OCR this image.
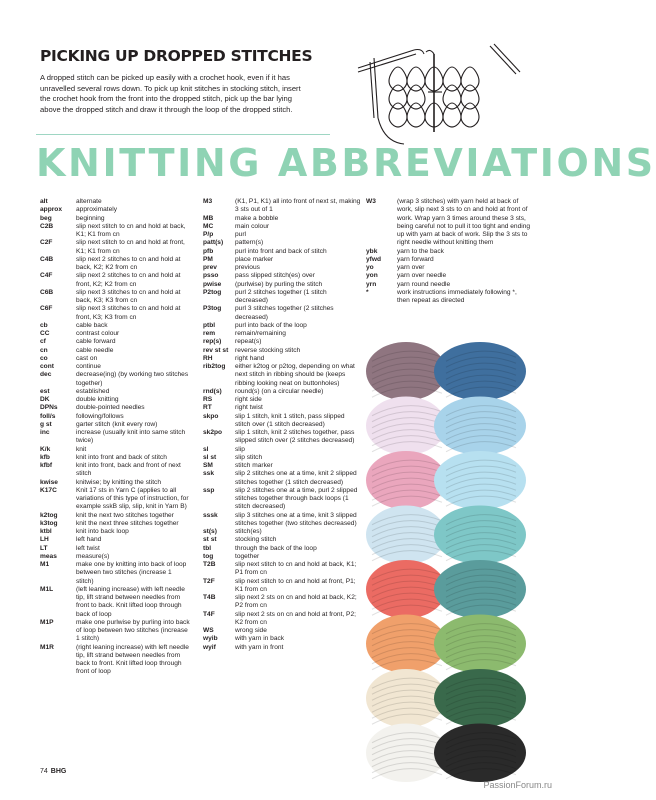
PICKING UP DROPPED STITCHES

A dropped stitch can be picked up easily with a crochet hook, even if it has unravelled several rows down. To pick up knit stitches in stocking stitch, insert the crochet hook from the front into the dropped stitch, pick up the bar lying above the dropped stitch and draw it through the loop of the dropped stitch.

KNITTING ABBREVIATIONS
alt	alternate
approx	approximately
beg	beginning
C2B	slip next stitch to cn and hold at back, K1; K1 from cn
C2F	slip next stitch to cn and hold at front, K1; K1 from cn
C4B	slip next 2 stitches to cn and hold at back, K2; K2 from cn
C4F	slip next 2 stitches to cn and hold at front, K2; K2 from cn
C6B	slip next 3 stitches to cn and hold at back, K3; K3 from cn
C6F	slip next 3 stitches to cn and hold at front, K3; K3 from cn
cb	cable back
CC	contrast colour
cf	cable forward
cn	cable needle
co	cast on
cont	continue
dec	decrease(ing) (by working two stitches together)
est	established
DK	double knitting
DPNs	double-pointed needles
foll/s	following/follows
g st	garter stitch (knit every row)
inc	increase (usually knit into same stitch twice)
K/k	knit
kfb	knit into front and back of stitch
kfbf	knit into front, back and front of next stitch
kwise	knitwise; by knitting the stitch
K17C	Knit 17 sts in Yarn C (applies to all variations of this type of instruction, for example sskB slip, slip, knit in Yarn B)
k2tog	knit the next two stitches together
k3tog	knit the next three stitches together
ktbl	knit into back loop
LH	left hand
LT	left twist
meas	measure(s)
M1	make one by knitting into back of loop between two stitches (increase 1 stitch)
M1L	(left leaning increase) with left needle tip, lift strand between needles from front to back. Knit lifted loop through back of loop
M1P	make one purlwise by purling into back of loop between two stitches (increase 1 stitch)
M1R	(right leaning increase) with left needle tip, lift strand between needles from back to front. Knit lifted loop through front of loop
M3	(K1, P1, K1) all into front of next st, making 3 sts out of 1
MB	make a bobble
MC	main colour
P/p	purl
patt(s)	pattern(s)
pfb	purl into front and back of stitch
PM	place marker
prev	previous
psso	pass slipped stitch(es) over
pwise	(purlwise) by purling the stitch
P2tog	purl 2 stitches together (1 stitch decreased)
P3tog	purl 3 stitches together (2 stitches decreased)
ptbl	purl into back of the loop
rem	remain/remaining
rep(s)	repeat(s)
rev st st	reverse stocking stitch
RH	right hand
rib2tog	either k2tog or p2tog, depending on what next stitch in ribbing should be (keeps ribbing looking neat on buttonholes)
rnd(s)	round(s) (on a circular needle)
RS	right side
RT	right twist
skpo	slip 1 stitch, knit 1 stitch, pass slipped stitch over (1 stitch decreased)
sk2po	slip 1 stitch, knit 2 stitches together, pass slipped stitch over (2 stitches decreased)
sl	slip
sl st	slip stitch
SM	stitch marker
ssk	slip 2 stitches one at a time, knit 2 slipped stitches together (1 stitch decreased)
ssp	slip 2 stitches one at a time, purl 2 slipped stitches together through back loops (1 stitch decreased)
sssk	slip 3 stitches one at a time, knit 3 slipped stitches together (two stitches decreased)
st(s)	stitch(es)
st st	stocking stitch
tbl	through the back of the loop
tog	together
T2B	slip next stitch to cn and hold at back, K1; P1 from cn
T2F	slip next stitch to cn and hold at front, P1; K1 from cn
T4B	slip next 2 sts on cn and hold at back, K2; P2 from cn
T4F	slip next 2 sts on cn and hold at front, P2; K2 from cn
WS	wrong side
wyib	with yarn in back
wyif	with yarn in front
W3	(wrap 3 stitches) with yarn held at back of work, slip next 3 sts to cn and hold at front of work. Wrap yarn 3 times around these 3 sts, being careful not to pull it too tight and ending up with yarn at back of work. Slip the 3 sts to right needle without knitting them
ybk	yarn to the back
yfwd	yarn forward
yo	yarn over
yon	yarn over needle
yrn	yarn round needle
*	work instructions immediately following *, then repeat as directed
74 BHG
PassionForum.ru
